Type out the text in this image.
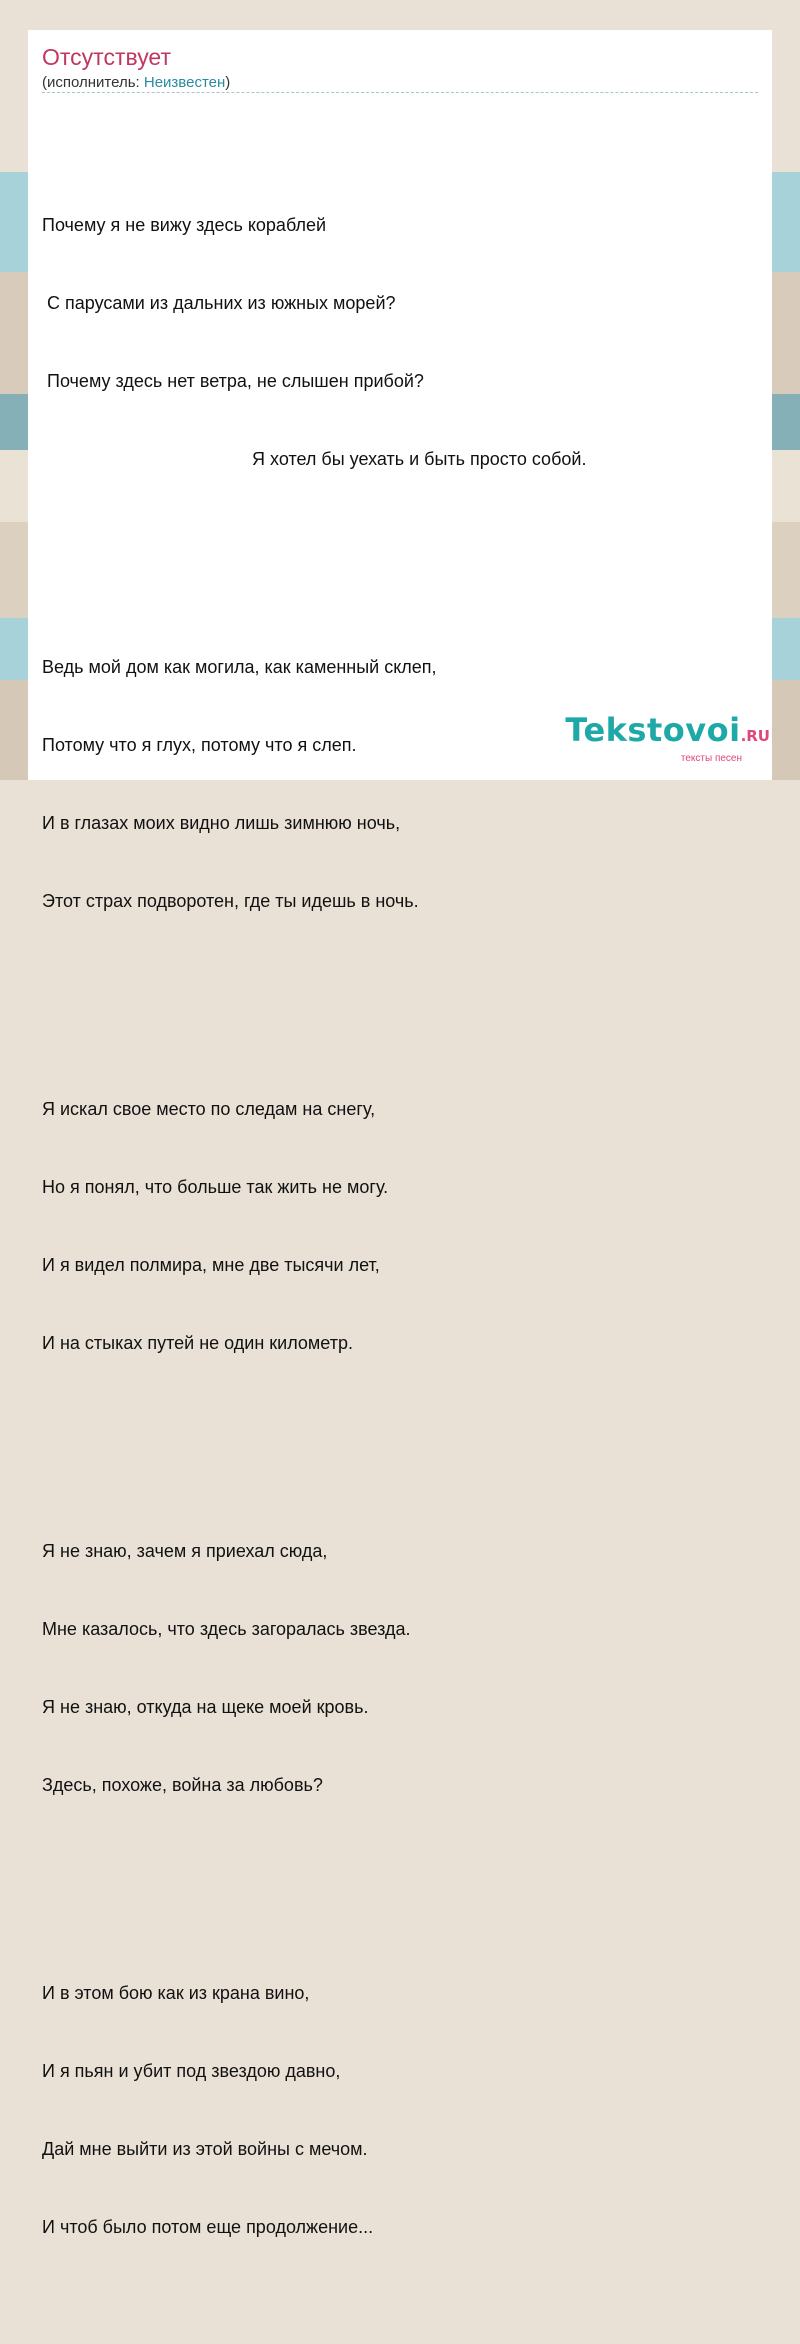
Отсутствует
(исполнитель: Неизвестен)

Почему я не вижу здесь кораблей

С парусами из дальних из южных морей?

Почему здесь нет ветра, не слышен прибой?

Я хотел бы уехать и быть просто собой.

Ведь мой дом как могила, как каменный склеп,

Потому что я глух, потому что я слеп.

И в глазах моих видно лишь зимнюю ночь,

Этот страх подворотен, где ты идешь в ночь.

Я искал свое место по следам на снегу,

Но я понял, что больше так жить не могу.

И я видел полмира, мне две тысячи лет,

И на стыках путей не один километр.

Я не знаю, зачем я приехал сюда,

Мне казалось, что здесь загоралась звезда.

Я не знаю, откуда на щеке моей кровь.

Здесь, похоже, война за любовь?

И в этом бою как из крана вино,

И я пьян и убит под звездою давно,

Дай мне выйти из этой войны с мечом.

И чтоб было потом еще продолжение...

Tekstovoi.RU
тексты песен
